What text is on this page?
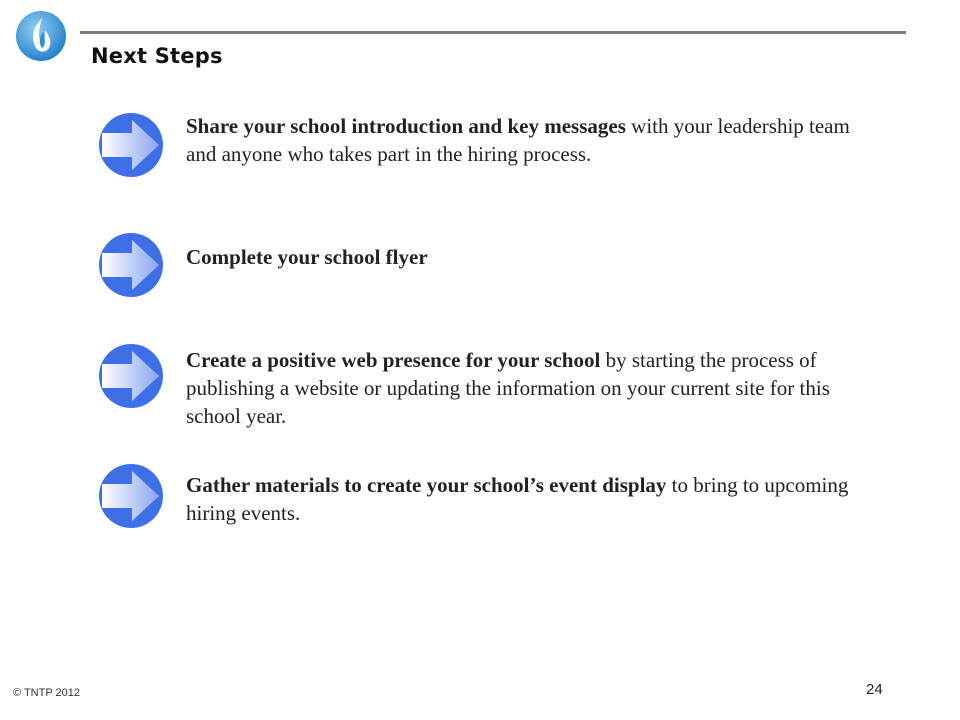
Next Steps
Share your school introduction and key messages with your leadership team and anyone who takes part in the hiring process.
Complete your school flyer
Create a positive web presence for your school by starting the process of publishing a website or updating the information on your current site for this school year.
Gather materials to create your school’s event display to bring to upcoming hiring events.
© TNTP 2012	24
